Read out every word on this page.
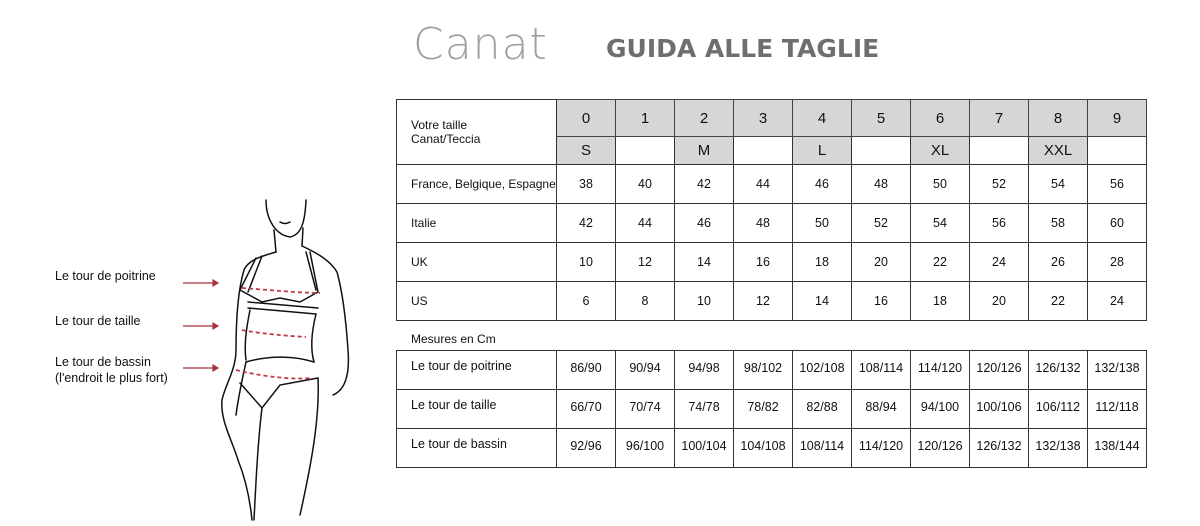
Canat GUIDA ALLE TAGLIE
Le tour de poitrine
Le tour de taille
Le tour de bassin
(l'endroit le plus fort)
Votre taille
Canat/Teccia	0	1	2	3	4	5	6	7	8	9
	S		M		L		XL		XXL	
France, Belgique, Espagne	38	40	42	44	46	48	50	52	54	56
Italie	42	44	46	48	50	52	54	56	58	60
UK	10	12	14	16	18	20	22	24	26	28
US	6	8	10	12	14	16	18	20	22	24
Mesures en Cm
Le tour de poitrine	86/90	90/94	94/98	98/102	102/108	108/114	114/120	120/126	126/132	132/138
Le tour de taille	66/70	70/74	74/78	78/82	82/88	88/94	94/100	100/106	106/112	112/118
Le tour de bassin	92/96	96/100	100/104	104/108	108/114	114/120	120/126	126/132	132/138	138/144
